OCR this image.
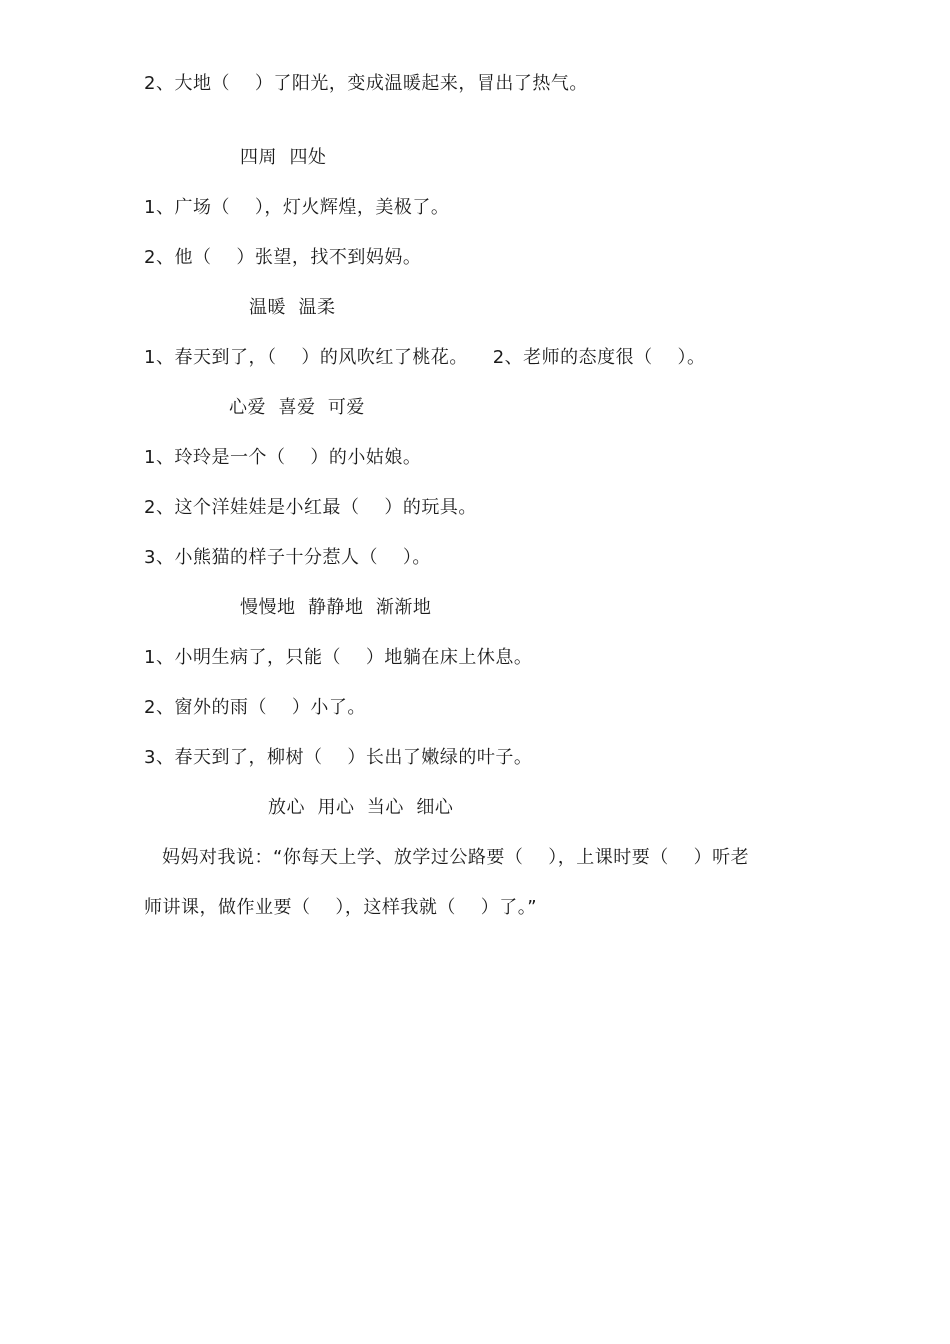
2、大地（    ）了阳光，变成温暖起来，冒出了热气。
四周  四处
1、广场（    ），灯火辉煌，美极了。
2、他（    ）张望，找不到妈妈。
温暖  温柔
1、春天到了，（    ）的风吹红了桃花。    2、老师的态度很（    ）。
心爱  喜爱  可爱
1、玲玲是一个（    ）的小姑娘。
2、这个洋娃娃是小红最（    ）的玩具。
3、小熊猫的样子十分惹人（    ）。
慢慢地  静静地  渐渐地
1、小明生病了，只能（    ）地躺在床上休息。
2、窗外的雨（    ）小了。
3、春天到了，柳树（    ）长出了嫩绿的叶子。
放心  用心  当心  细心
妈妈对我说：“你每天上学、放学过公路要（    ），上课时要（    ）听老
师讲课，做作业要（    ），这样我就（    ）了。”
